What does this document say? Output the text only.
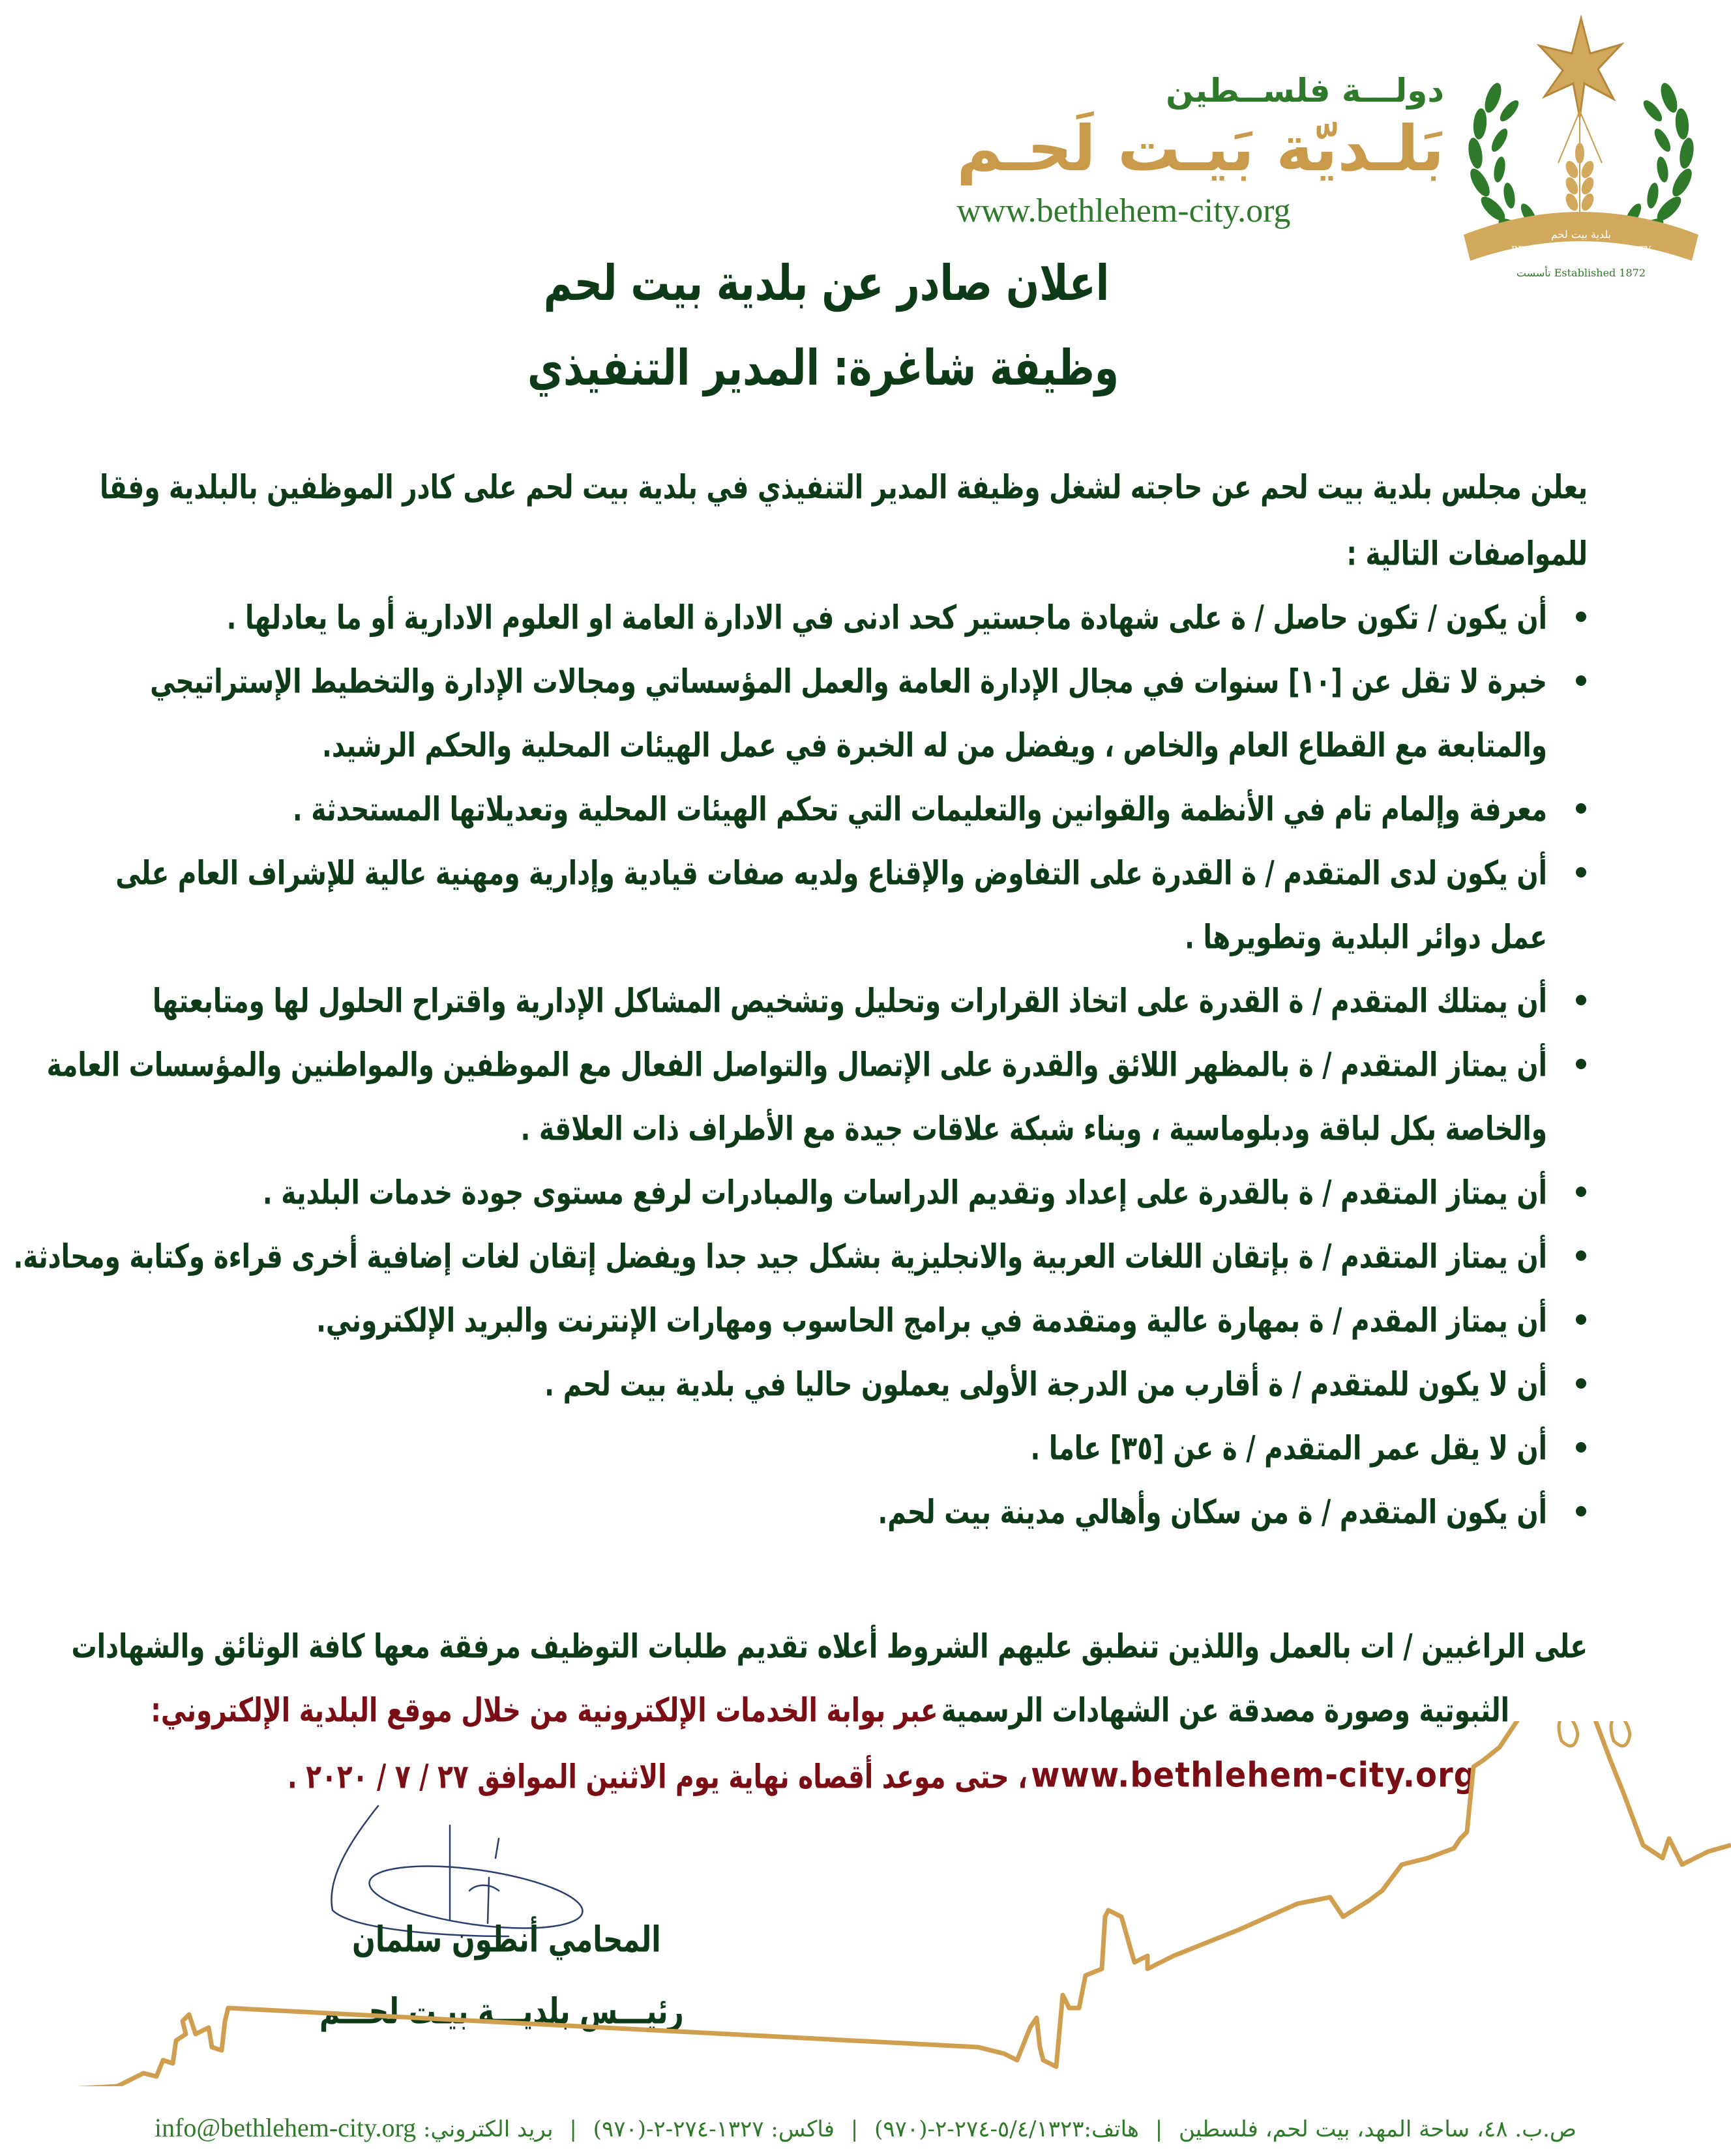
بلدية بيت لحم
BETHLEHEM MUNICIPALITY
Established 1872 تأسست
دولـــة فلســطين
بَلـديّة بَيـت لَحـم
www.bethlehem-city.org
اعلان صادر عن بلدية بيت لحم
وظيفة شاغرة: المدير التنفيذي
يعلن مجلس بلدية بيت لحم عن حاجته لشغل وظيفة المدير التنفيذي في بلدية بيت لحم على كادر الموظفين بالبلدية وفقا
للمواصفات التالية :
أن يكون / تكون حاصل / ة على شهادة ماجستير كحد ادنى في الادارة العامة او العلوم الادارية أو ما يعادلها .
خبرة لا تقل عن [١٠] سنوات في مجال الإدارة العامة والعمل المؤسساتي ومجالات الإدارة والتخطيط الإستراتيجي
والمتابعة مع القطاع العام والخاص ، ويفضل من له الخبرة في عمل الهيئات المحلية والحكم الرشيد.
معرفة وإلمام تام في الأنظمة والقوانين والتعليمات التي تحكم الهيئات المحلية وتعديلاتها المستحدثة .
أن يكون لدى المتقدم / ة القدرة على التفاوض والإقناع ولديه صفات قيادية وإدارية ومهنية عالية للإشراف العام على
عمل دوائر البلدية وتطويرها .
أن يمتلك المتقدم / ة القدرة على اتخاذ القرارات وتحليل وتشخيص المشاكل الإدارية واقتراح الحلول لها ومتابعتها
أن يمتاز المتقدم / ة بالمظهر اللائق والقدرة على الإتصال والتواصل الفعال مع الموظفين والمواطنين والمؤسسات العامة
والخاصة بكل لباقة ودبلوماسية ، وبناء شبكة علاقات جيدة مع الأطراف ذات العلاقة .
أن يمتاز المتقدم / ة بالقدرة على إعداد وتقديم الدراسات والمبادرات لرفع مستوى جودة خدمات البلدية .
أن يمتاز المتقدم / ة بإتقان اللغات العربية والانجليزية بشكل جيد جدا ويفضل إتقان لغات إضافية أخرى قراءة وكتابة ومحادثة.
أن يمتاز المقدم / ة بمهارة عالية ومتقدمة في برامج الحاسوب ومهارات الإنترنت والبريد الإلكتروني.
أن لا يكون للمتقدم / ة أقارب من الدرجة الأولى يعملون حاليا في بلدية بيت لحم .
أن لا يقل عمر المتقدم / ة عن [٣٥] عاما .
أن يكون المتقدم / ة من سكان وأهالي مدينة بيت لحم.
على الراغبين / ات بالعمل واللذين تنطبق عليهم الشروط أعلاه تقديم طلبات التوظيف مرفقة معها كافة الوثائق والشهادات
الثبوتية وصورة مصدقة عن الشهادات الرسمية عبر بوابة الخدمات الإلكترونية من خلال موقع البلدية الإلكتروني:
www.bethlehem-city.org ، حتى موعد أقصاه نهاية يوم الاثنين الموافق ٢٧ / ٧ / ٢٠٢٠ .
المحامي أنطون سلمان
رئيـــس بلديـــة بيـت لحـــم
ص.ب. ٤٨، ساحة المهد، بيت لحم، فلسطين | هاتف:٥/٤/١٣٢٣-٢٧٤-٢-(٩٧٠) | فاكس: ١٣٢٧-٢٧٤-٢-(٩٧٠) | بريد الكتروني: info@bethlehem-city.org
